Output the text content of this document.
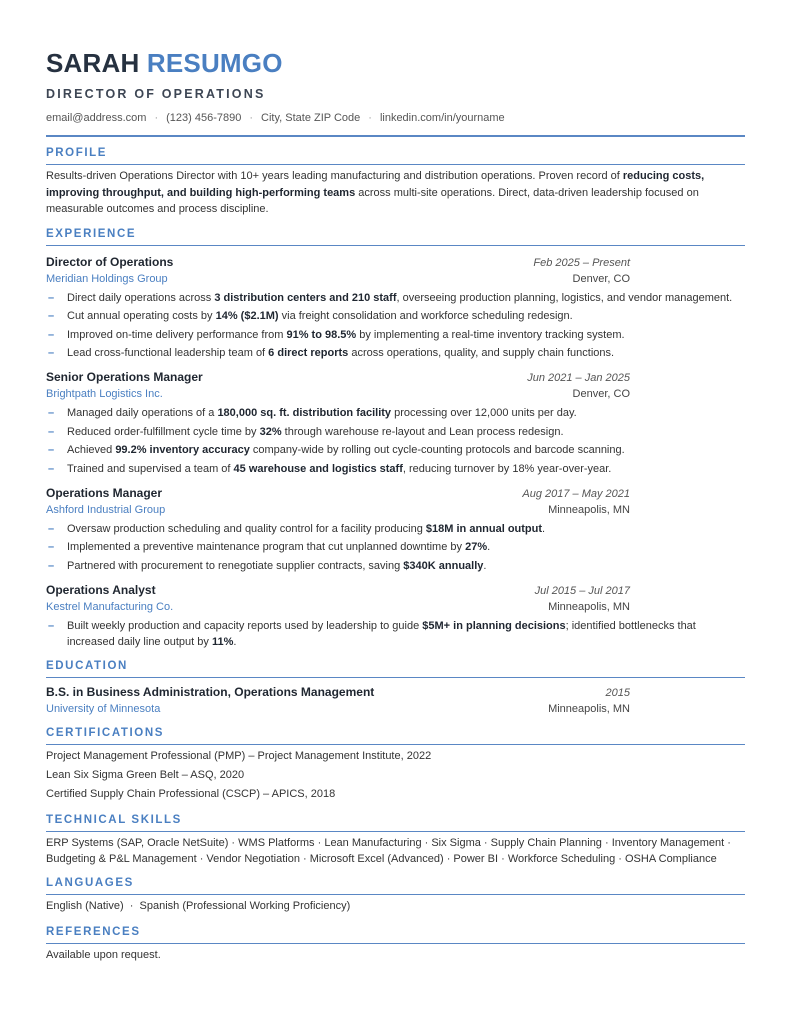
SARAH RESUMGO
DIRECTOR OF OPERATIONS
email@address.com · (123) 456-7890 · City, State ZIP Code · linkedin.com/in/yourname
PROFILE
Results-driven Operations Director with 10+ years leading manufacturing and distribution operations. Proven record of reducing costs, improving throughput, and building high-performing teams across multi-site operations. Direct, data-driven leadership focused on measurable outcomes and process discipline.
EXPERIENCE
Director of Operations	Feb 2025 – Present
Meridian Holdings Group	Denver, CO
– Direct daily operations across 3 distribution centers and 210 staff, overseeing production planning, logistics, and vendor management.
– Cut annual operating costs by 14% ($2.1M) via freight consolidation and workforce scheduling redesign.
– Improved on-time delivery performance from 91% to 98.5% by implementing a real-time inventory tracking system.
– Lead cross-functional leadership team of 6 direct reports across operations, quality, and supply chain functions.
Senior Operations Manager	Jun 2021 – Jan 2025
Brightpath Logistics Inc.	Denver, CO
– Managed daily operations of a 180,000 sq. ft. distribution facility processing over 12,000 units per day.
– Reduced order-fulfillment cycle time by 32% through warehouse re-layout and Lean process redesign.
– Achieved 99.2% inventory accuracy company-wide by rolling out cycle-counting protocols and barcode scanning.
– Trained and supervised a team of 45 warehouse and logistics staff, reducing turnover by 18% year-over-year.
Operations Manager	Aug 2017 – May 2021
Ashford Industrial Group	Minneapolis, MN
– Oversaw production scheduling and quality control for a facility producing $18M in annual output.
– Implemented a preventive maintenance program that cut unplanned downtime by 27%.
– Partnered with procurement to renegotiate supplier contracts, saving $340K annually.
Operations Analyst	Jul 2015 – Jul 2017
Kestrel Manufacturing Co.	Minneapolis, MN
– Built weekly production and capacity reports used by leadership to guide $5M+ in planning decisions; identified bottlenecks that increased daily line output by 11%.
EDUCATION
B.S. in Business Administration, Operations Management	2015
University of Minnesota	Minneapolis, MN
CERTIFICATIONS
Project Management Professional (PMP) – Project Management Institute, 2022
Lean Six Sigma Green Belt – ASQ, 2020
Certified Supply Chain Professional (CSCP) – APICS, 2018
TECHNICAL SKILLS
ERP Systems (SAP, Oracle NetSuite) · WMS Platforms · Lean Manufacturing · Six Sigma · Supply Chain Planning · Inventory Management · Budgeting & P&L Management · Vendor Negotiation · Microsoft Excel (Advanced) · Power BI · Workforce Scheduling · OSHA Compliance
LANGUAGES
English (Native)  ·  Spanish (Professional Working Proficiency)
REFERENCES
Available upon request.
